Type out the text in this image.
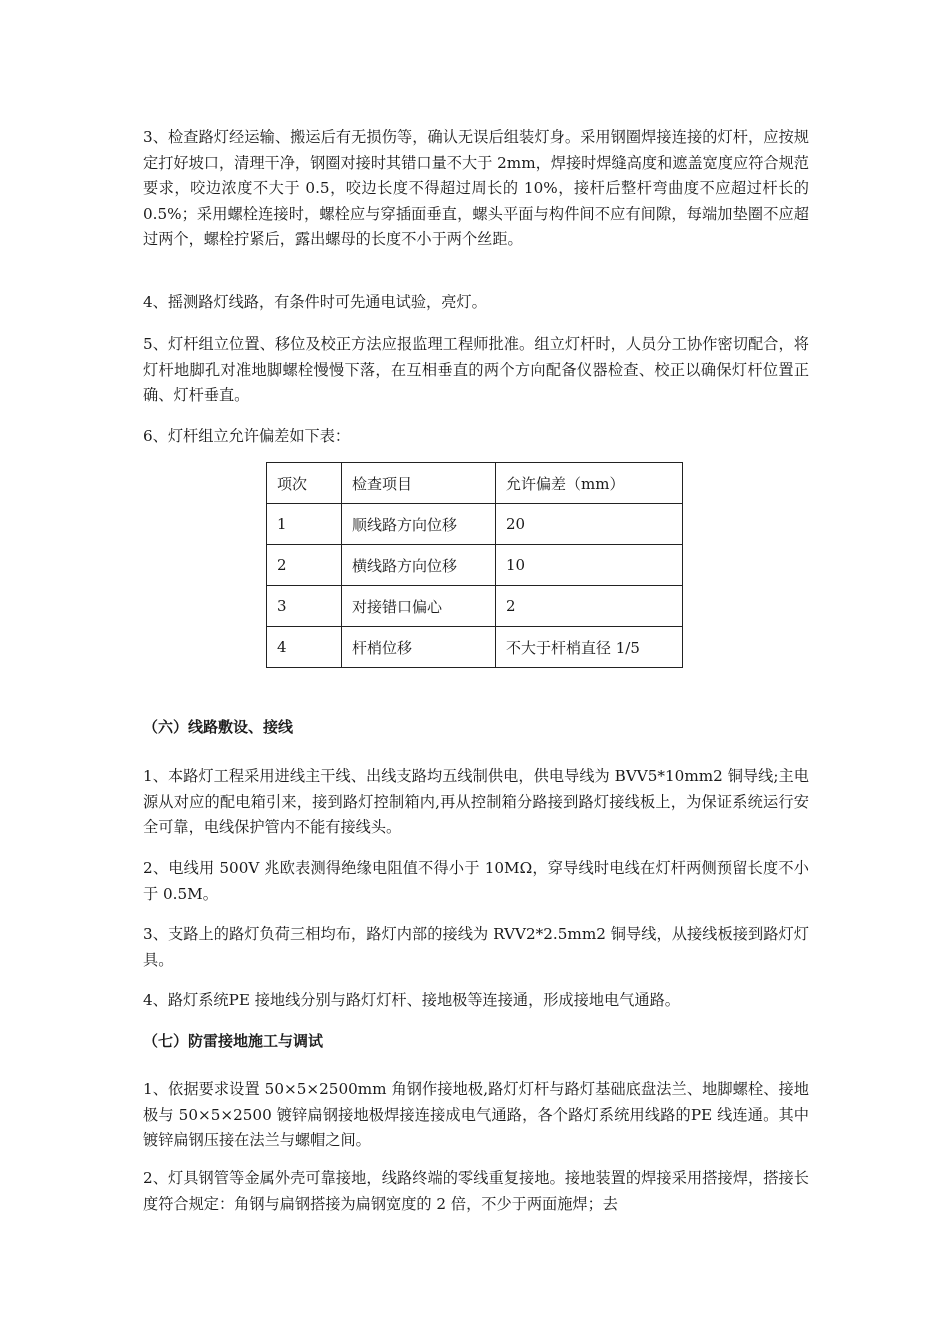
3、检查路灯经运输、搬运后有无损伤等，确认无误后组装灯身。采用钢圈焊接连接的灯杆，应按规定打好坡口，清理干净，钢圈对接时其错口量不大于 2mm，焊接时焊缝高度和遮盖宽度应符合规范要求，咬边浓度不大于 0.5，咬边长度不得超过周长的 10%，接杆后整杆弯曲度不应超过杆长的 0.5%；采用螺栓连接时，螺栓应与穿插面垂直，螺头平面与构件间不应有间隙，每端加垫圈不应超过两个，螺栓拧紧后，露出螺母的长度不小于两个丝距。

4、摇测路灯线路，有条件时可先通电试验，亮灯。

5、灯杆组立位置、移位及校正方法应报监理工程师批准。组立灯杆时，人员分工协作密切配合，将灯杆地脚孔对准地脚螺栓慢慢下落，在互相垂直的两个方向配备仪器检查、校正以确保灯杆位置正确、灯杆垂直。

6、灯杆组立允许偏差如下表：

项次	检查项目	允许偏差（mm）
1	顺线路方向位移	20
2	横线路方向位移	10
3	对接错口偏心	2
4	杆梢位移	不大于杆梢直径 1/5

（六）线路敷设、接线

1、本路灯工程采用进线主干线、出线支路均五线制供电，供电导线为 BVV5*10mm2 铜导线;主电源从对应的配电箱引来，接到路灯控制箱内,再从控制箱分路接到路灯接线板上，为保证系统运行安全可靠，电线保护管内不能有接线头。

2、电线用 500V 兆欧表测得绝缘电阻值不得小于 10MΩ，穿导线时电线在灯杆两侧预留长度不小于 0.5M。

3、支路上的路灯负荷三相均布，路灯内部的接线为 RVV2*2.5mm2 铜导线，从接线板接到路灯灯具。

4、路灯系统PE 接地线分别与路灯灯杆、接地极等连接通，形成接地电气通路。

（七）防雷接地施工与调试

1、依据要求设置 50×5×2500mm 角钢作接地极,路灯灯杆与路灯基础底盘法兰、地脚螺栓、接地极与 50×5×2500 镀锌扁钢接地极焊接连接成电气通路，各个路灯系统用线路的PE 线连通。其中镀锌扁钢压接在法兰与螺帽之间。

2、灯具钢管等金属外壳可靠接地，线路终端的零线重复接地。接地装置的焊接采用搭接焊，搭接长度符合规定：角钢与扁钢搭接为扁钢宽度的 2 倍，不少于两面施焊；去
